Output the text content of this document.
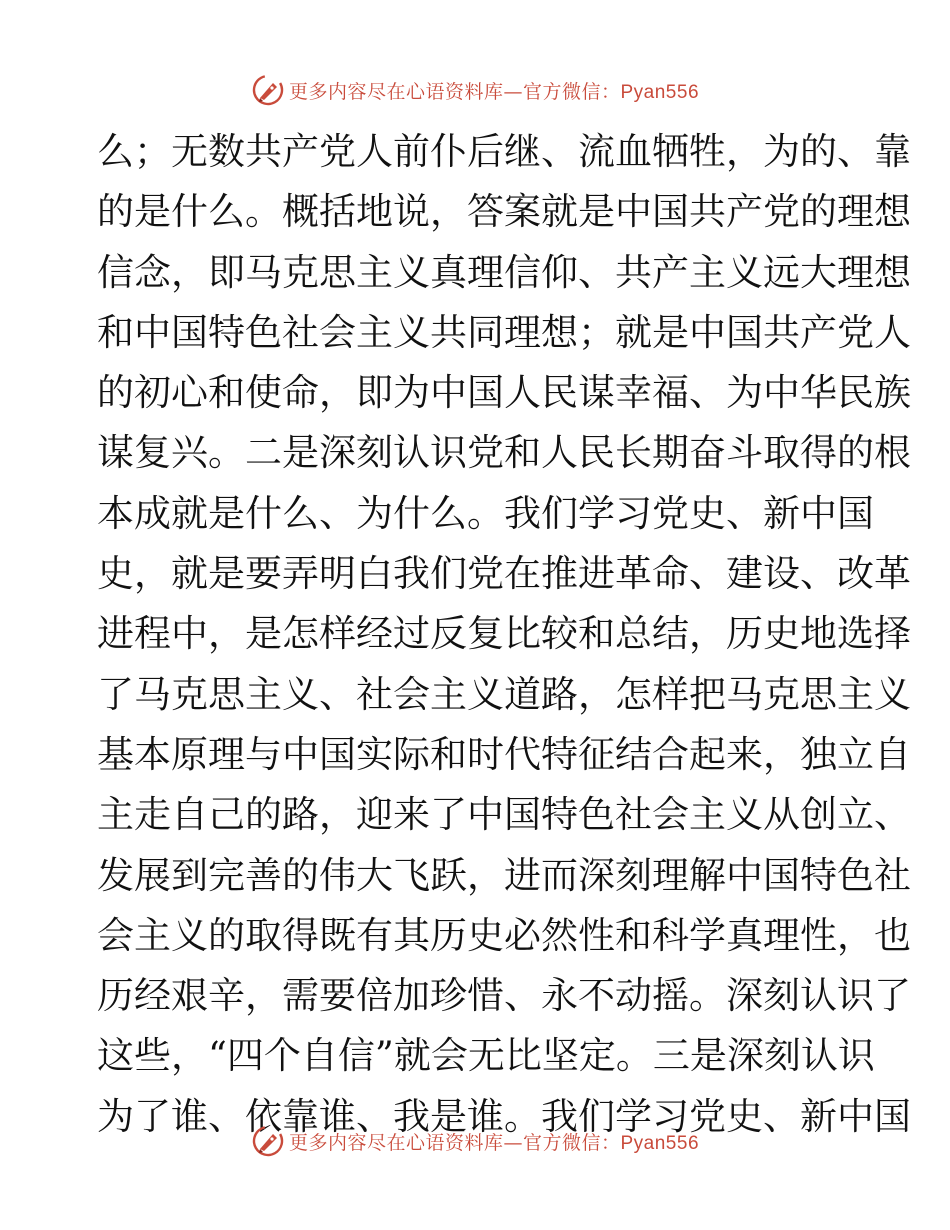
更多内容尽在心语资料库—官方微信：Pyan556
么；无数共产党人前仆后继、流血牺牲，为的、靠
的是什么。概括地说，答案就是中国共产党的理想
信念，即马克思主义真理信仰、共产主义远大理想
和中国特色社会主义共同理想；就是中国共产党人
的初心和使命，即为中国人民谋幸福、为中华民族
谋复兴。二是深刻认识党和人民长期奋斗取得的根
本成就是什么、为什么。我们学习党史、新中国
史，就是要弄明白我们党在推进革命、建设、改革
进程中，是怎样经过反复比较和总结，历史地选择
了马克思主义、社会主义道路，怎样把马克思主义
基本原理与中国实际和时代特征结合起来，独立自
主走自己的路，迎来了中国特色社会主义从创立、
发展到完善的伟大飞跃，进而深刻理解中国特色社
会主义的取得既有其历史必然性和科学真理性，也
历经艰辛，需要倍加珍惜、永不动摇。深刻认识了
这些，“四个自信”就会无比坚定。三是深刻认识
为了谁、依靠谁、我是谁。我们学习党史、新中国
更多内容尽在心语资料库—官方微信：Pyan556
